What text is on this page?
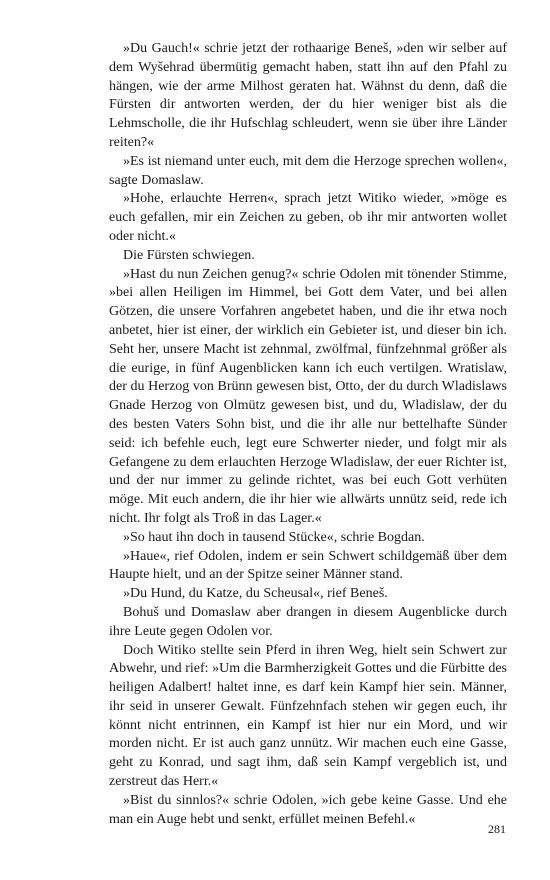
»Du Gauch!« schrie jetzt der rothaarige Beneš, »den wir selber auf dem Wyšehrad übermütig gemacht haben, statt ihn auf den Pfahl zu hängen, wie der arme Milhost geraten hat. Wähnst du denn, daß die Fürsten dir antworten werden, der du hier weniger bist als die Lehmscholle, die ihr Hufschlag schleudert, wenn sie über ihre Länder reiten?«

»Es ist niemand unter euch, mit dem die Herzoge sprechen wollen«, sagte Domaslaw.

»Hohe, erlauchte Herren«, sprach jetzt Witiko wieder, »möge es euch gefallen, mir ein Zeichen zu geben, ob ihr mir antworten wollet oder nicht.«

Die Fürsten schwiegen.

»Hast du nun Zeichen genug?« schrie Odolen mit tönender Stimme, »bei allen Heiligen im Himmel, bei Gott dem Vater, und bei allen Götzen, die unsere Vorfahren angebetet haben, und die ihr etwa noch anbetet, hier ist einer, der wirklich ein Gebieter ist, und dieser bin ich. Seht her, unsere Macht ist zehnmal, zwölfmal, fünfzehnmal größer als die eurige, in fünf Augenblicken kann ich euch vertilgen. Wratislaw, der du Herzog von Brünn gewesen bist, Otto, der du durch Wladislaws Gnade Herzog von Olmütz gewesen bist, und du, Wladislaw, der du des besten Vaters Sohn bist, und die ihr alle nur bettelhafte Sünder seid: ich befehle euch, legt eure Schwerter nieder, und folgt mir als Gefangene zu dem erlauchten Herzoge Wladislaw, der euer Richter ist, und der nur immer zu gelinde richtet, was bei euch Gott verhüten möge. Mit euch andern, die ihr hier wie allwärts unnütz seid, rede ich nicht. Ihr folgt als Troß in das Lager.«

»So haut ihn doch in tausend Stücke«, schrie Bogdan.

»Haue«, rief Odolen, indem er sein Schwert schildgemäß über dem Haupte hielt, und an der Spitze seiner Männer stand.

»Du Hund, du Katze, du Scheusal«, rief Beneš.

Bohuš und Domaslaw aber drangen in diesem Augenblicke durch ihre Leute gegen Odolen vor.

Doch Witiko stellte sein Pferd in ihren Weg, hielt sein Schwert zur Abwehr, und rief: »Um die Barmherzigkeit Gottes und die Fürbitte des heiligen Adalbert! haltet inne, es darf kein Kampf hier sein. Männer, ihr seid in unserer Gewalt. Fünfzehnfach stehen wir gegen euch, ihr könnt nicht entrinnen, ein Kampf ist hier nur ein Mord, und wir morden nicht. Er ist auch ganz unnütz. Wir machen euch eine Gasse, geht zu Konrad, und sagt ihm, daß sein Kampf vergeblich ist, und zerstreut das Herr.«

»Bist du sinnlos?« schrie Odolen, »ich gebe keine Gasse. Und ehe man ein Auge hebt und senkt, erfüllet meinen Befehl.«

281
